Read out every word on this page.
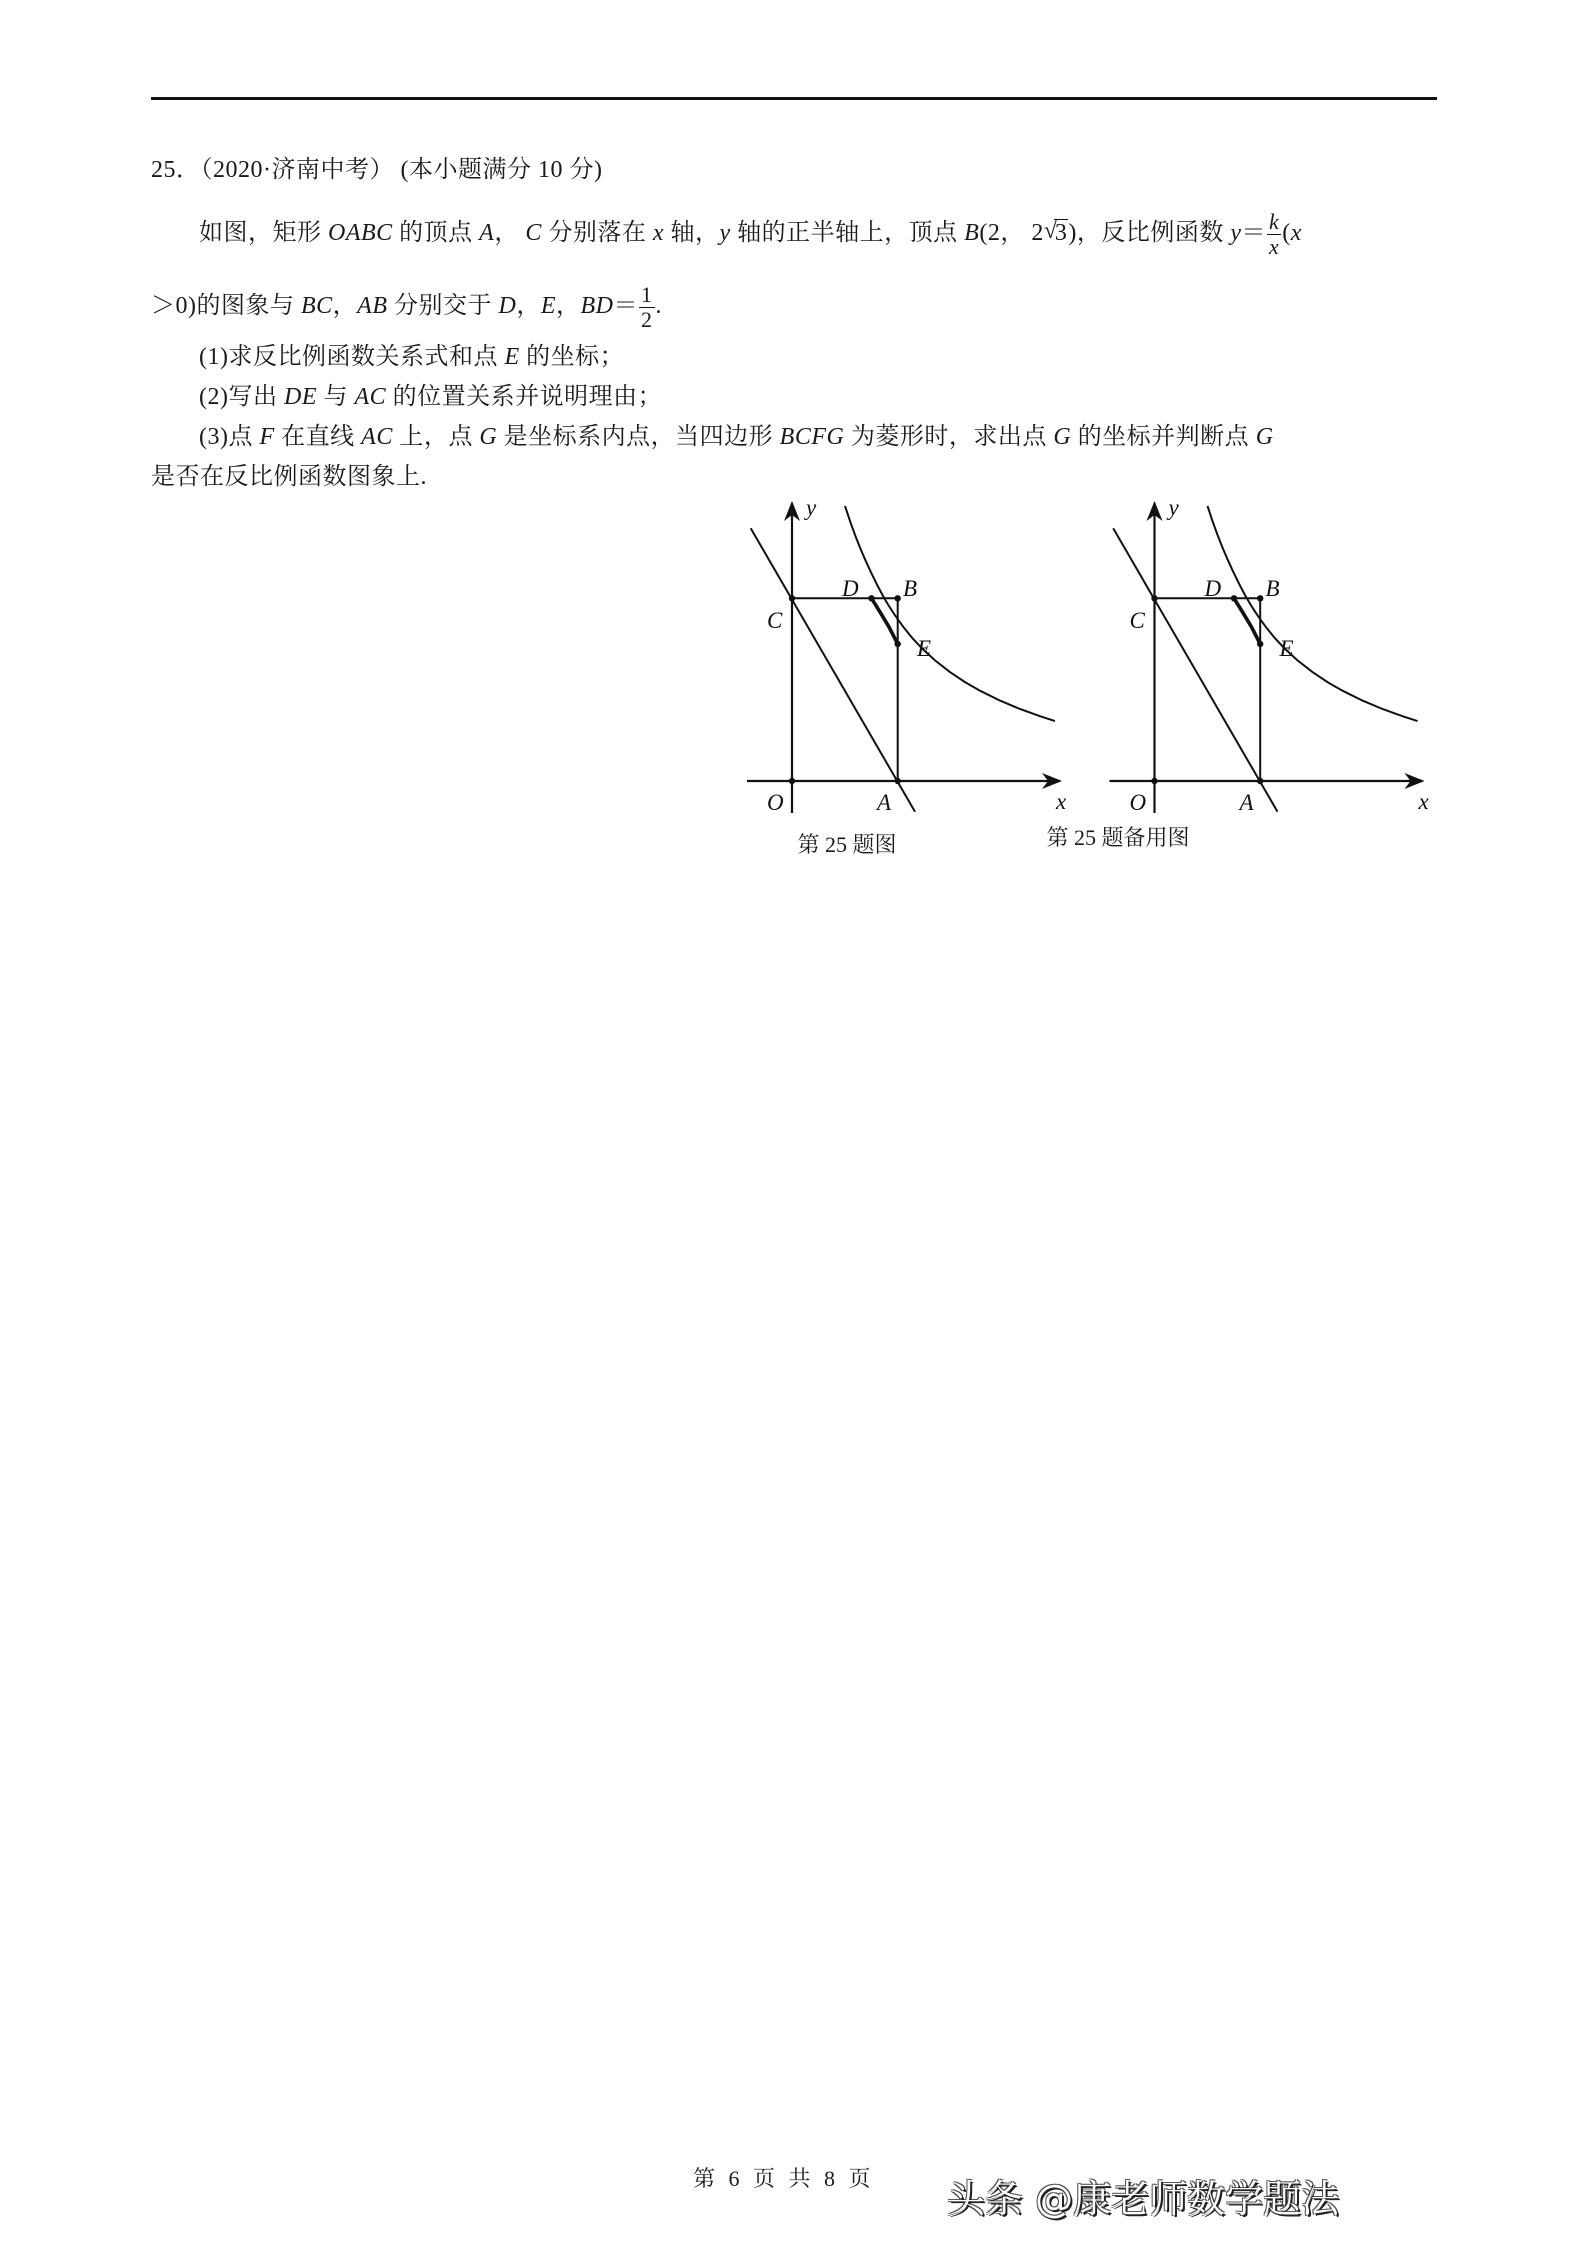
25．（2020·济南中考） (本小题满分 10 分)
如图，矩形 OABC 的顶点 A， C 分别落在 x 轴，y 轴的正半轴上，顶点 B(2， 2 √
3)，反比例函数 $y= \frac{k}{x} (x$
＞0)的图象与 BC，AB 分别交于 D，E，$BD= \frac{1}{2}$ .
(1)求反比例函数关系式和点 E 的坐标；
(2)写出 DE 与 AC 的位置关系并说明理由；
(3)点 F 在直线 AC 上，点 G 是坐标系内点，当四边形 BCFG 为菱形时，求出点 G 的坐标并判断点 G
是否在反比例函数图象上.
y
D B
C
E
O	A	x
y
D B
C
E
O	A	x
第 25 题图	第 25 题备用图
第 6 页 共 8 页 头条 @康老师数学题法
